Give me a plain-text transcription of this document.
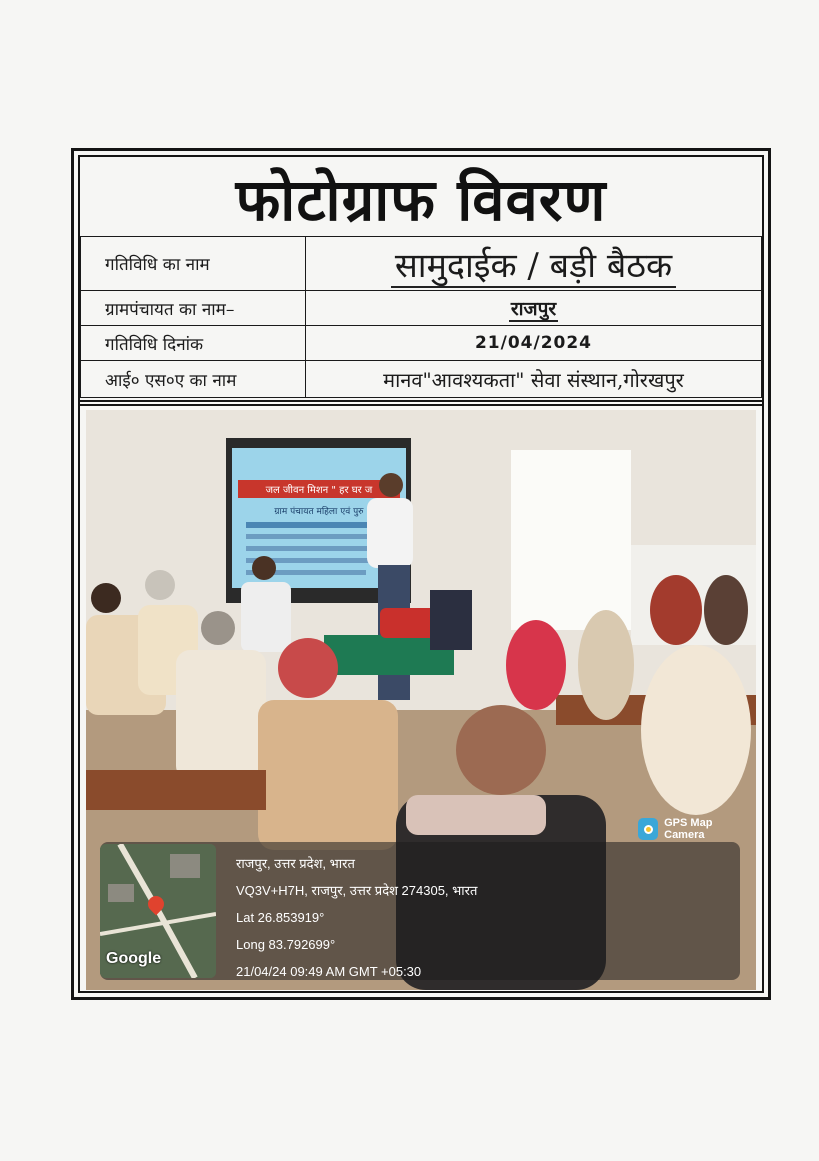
फोटोग्राफ विवरण
गतिविधि का नाम	सामुदाईक / बड़ी बैठक
ग्रामपंचायत का नाम–	राजपुर
गतिविधि दिनांक	21/04/2024
आई० एस०ए का नाम	मानव"आवश्यकता" सेवा संस्थान,गोरखपुर
जल जीवन मिशन " हर घर ज
ग्राम पंचायत महिला एवं पुरु
GPS Map Camera
Google
राजपुर, उत्तर प्रदेश, भारत
VQ3V+H7H, राजपुर, उत्तर प्रदेश 274305, भारत
Lat 26.853919°
Long 83.792699°
21/04/24 09:49 AM GMT +05:30
